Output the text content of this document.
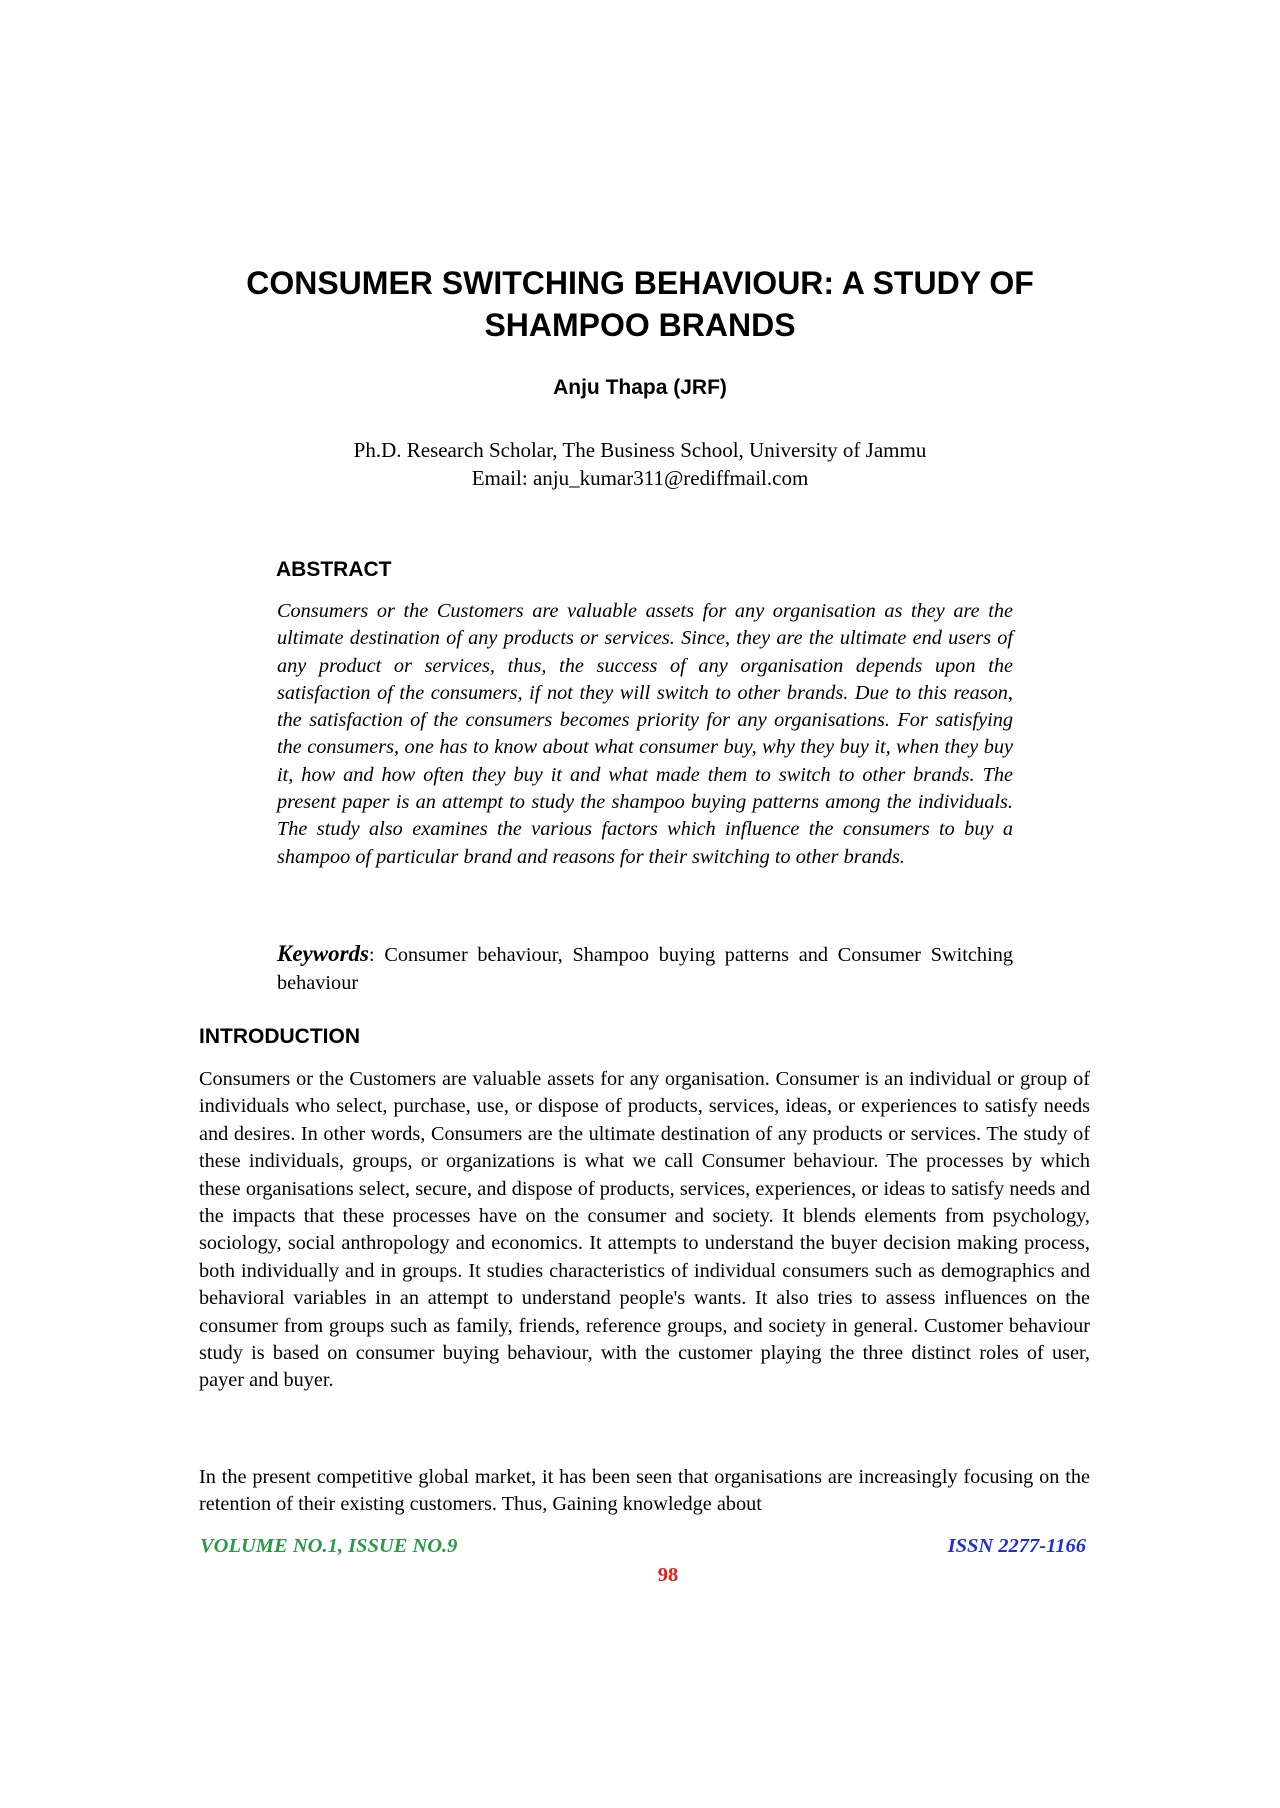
CONSUMER SWITCHING BEHAVIOUR: A STUDY OF
SHAMPOO BRANDS

Anju Thapa (JRF)

Ph.D. Research Scholar, The Business School, University of Jammu
Email: anju_kumar311@rediffmail.com

ABSTRACT

Consumers or the Customers are valuable assets for any organisation as they are the ultimate destination of any products or services. Since, they are the ultimate end users of any product or services, thus, the success of any organisation depends upon the satisfaction of the consumers, if not they will switch to other brands. Due to this reason, the satisfaction of the consumers becomes priority for any organisations. For satisfying the consumers, one has to know about what consumer buy, why they buy it, when they buy it, how and how often they buy it and what made them to switch to other brands. The present paper is an attempt to study the shampoo buying patterns among the individuals. The study also examines the various factors which influence the consumers to buy a shampoo of particular brand and reasons for their switching to other brands.

Keywords: Consumer behaviour, Shampoo buying patterns and Consumer Switching behaviour

INTRODUCTION

Consumers or the Customers are valuable assets for any organisation. Consumer is an individual or group of individuals who select, purchase, use, or dispose of products, services, ideas, or experiences to satisfy needs and desires. In other words, Consumers are the ultimate destination of any products or services. The study of these individuals, groups, or organizations is what we call Consumer behaviour. The processes by which these organisations select, secure, and dispose of products, services, experiences, or ideas to satisfy needs and the impacts that these processes have on the consumer and society. It blends elements from psychology, sociology, social anthropology and economics. It attempts to understand the buyer decision making process, both individually and in groups. It studies characteristics of individual consumers such as demographics and behavioral variables in an attempt to understand people's wants. It also tries to assess influences on the consumer from groups such as family, friends, reference groups, and society in general. Customer behaviour study is based on consumer buying behaviour, with the customer playing the three distinct roles of user, payer and buyer.

In the present competitive global market, it has been seen that organisations are increasingly focusing on the retention of their existing customers. Thus, Gaining knowledge about

VOLUME NO.1, ISSUE NO.9	ISSN 2277-1166

98
